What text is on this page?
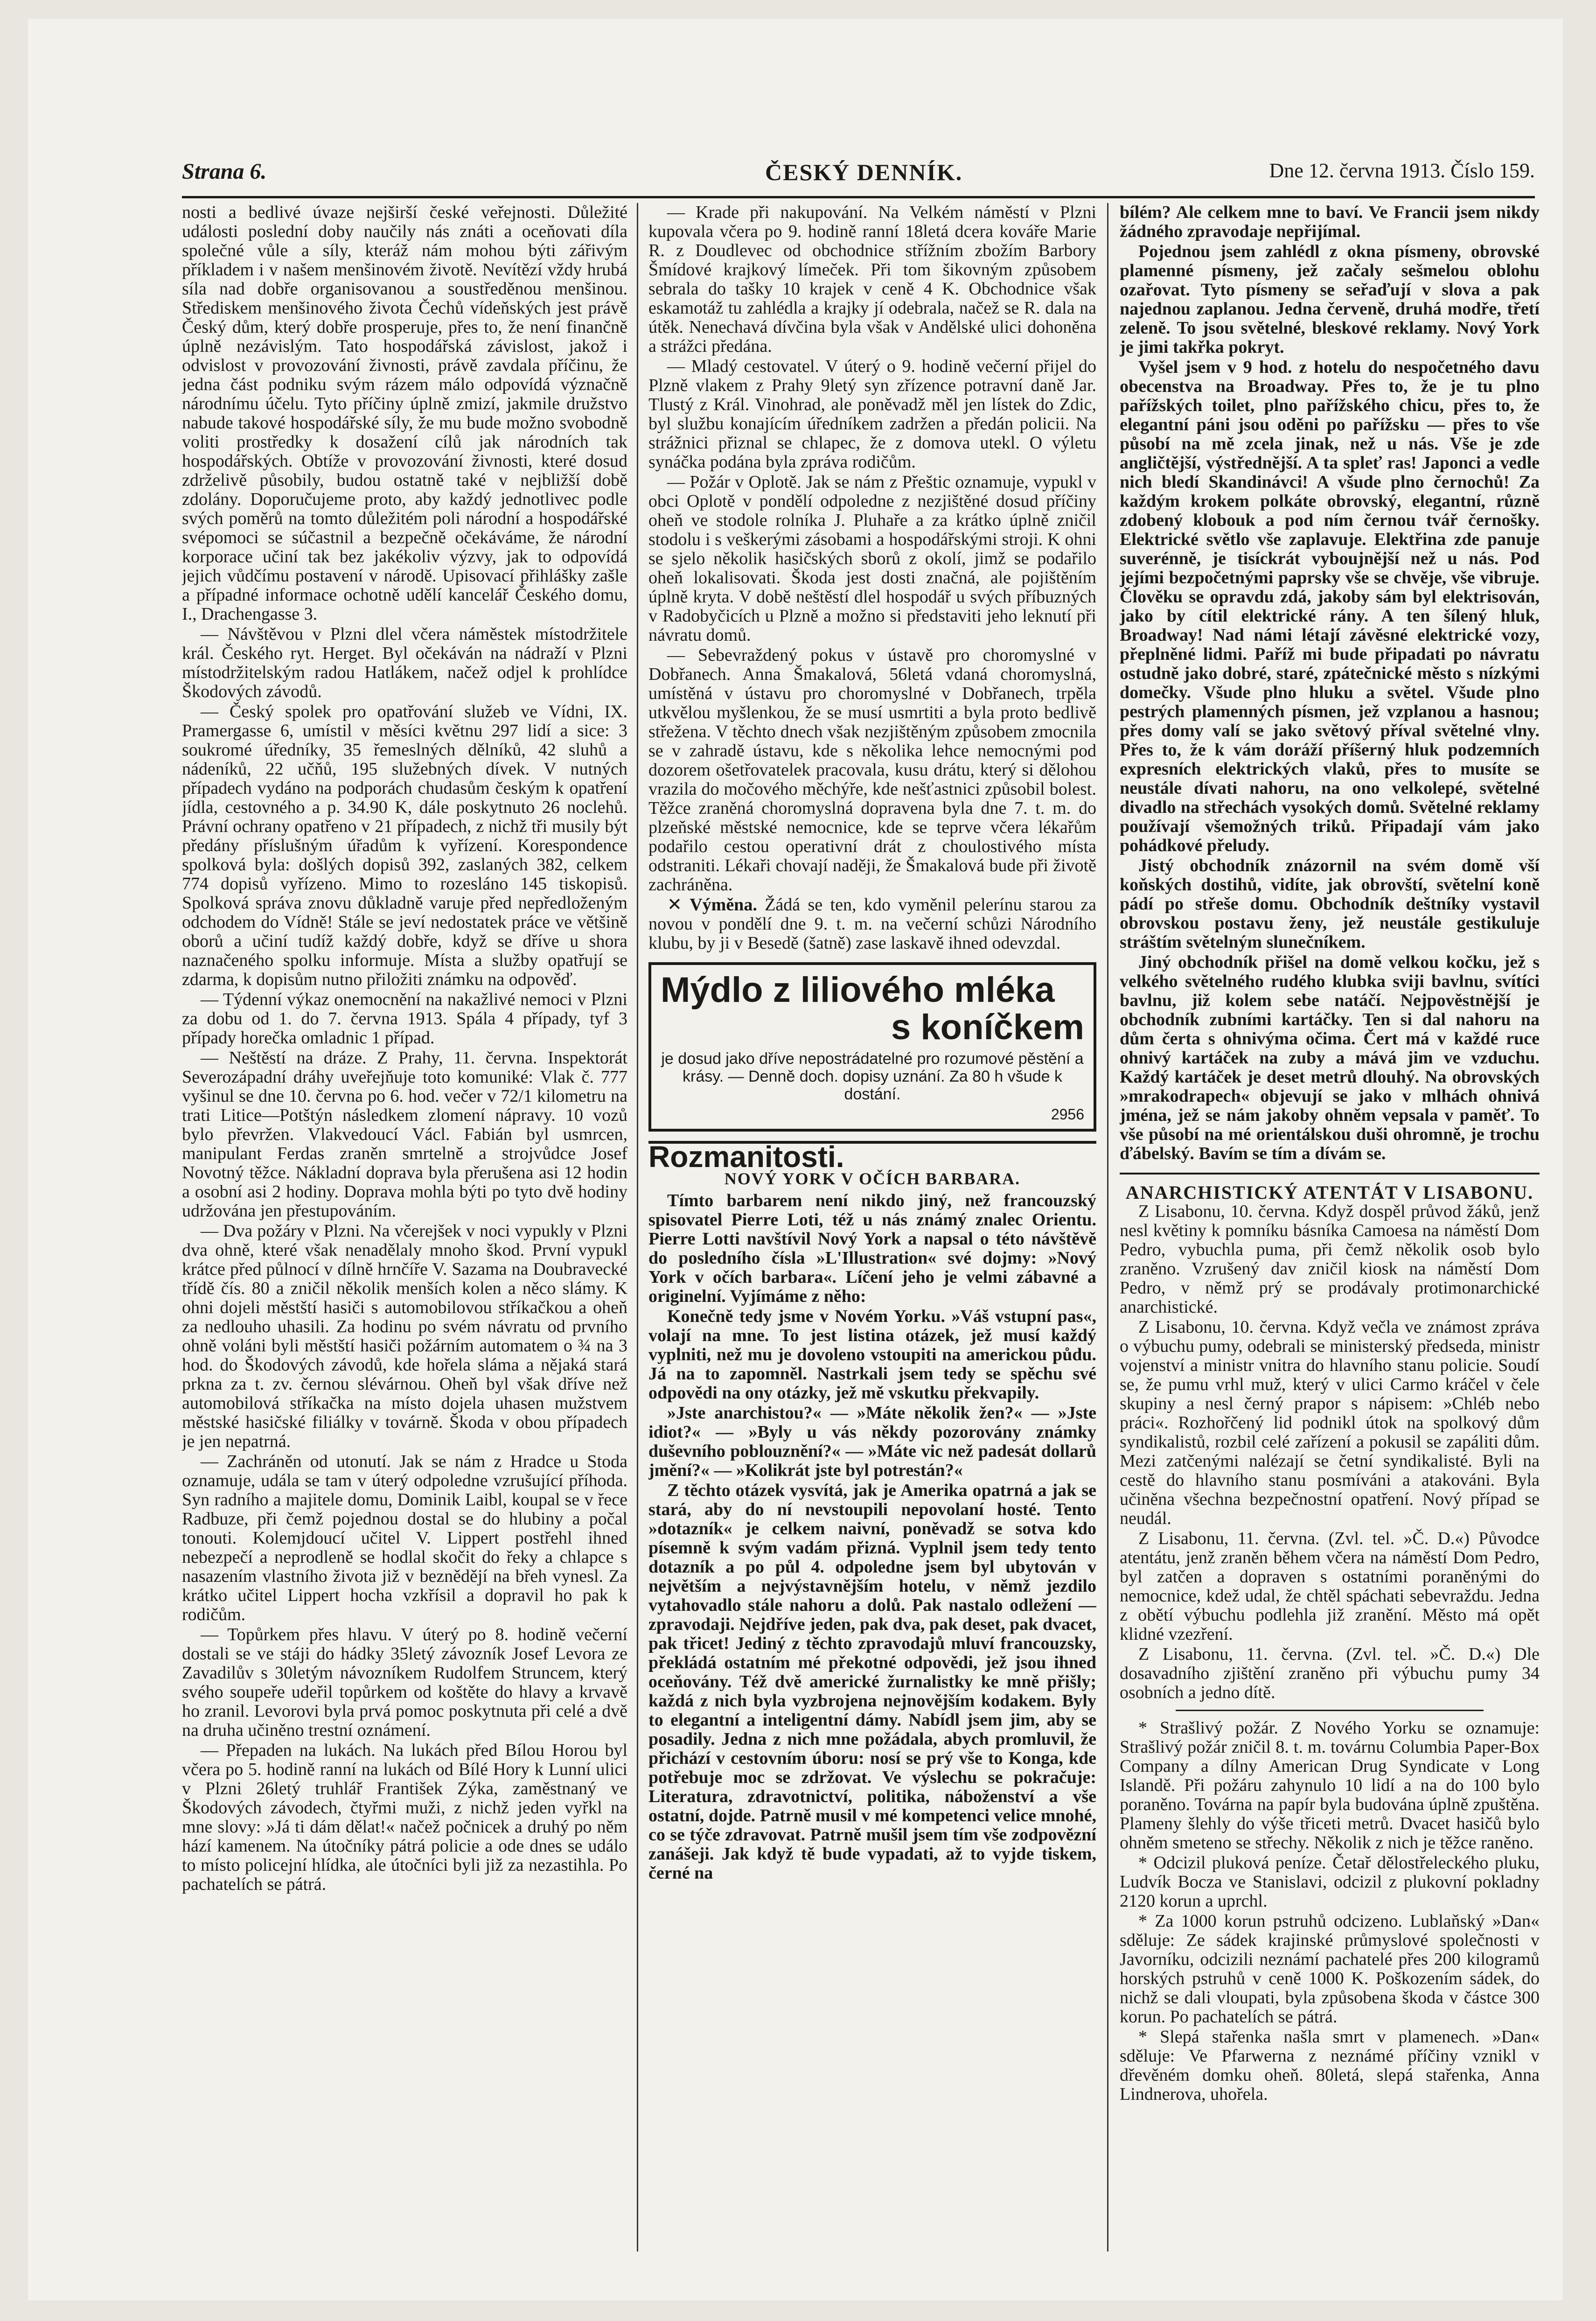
Strana 6.	ČESKÝ DENNÍK.	Dne 12. června 1913. Číslo 159.

nosti a bedlivé úvaze nejširší české veřejnosti. Důležité události poslední doby naučily nás znáti a oceňovati díla společné vůle a síly, kteráž nám mohou býti zářivým příkladem i v našem menšinovém životě. Nevítězí vždy hrubá síla nad dobře organisovanou a soustředěnou menšinou. Střediskem menšinového života Čechů vídeňských jest právě Český dům, který dobře prosperuje, přes to, že není finančně úplně nezávislým. Tato hospodářská závislost, jakož i odvislost v provozování živnosti, právě zavdala příčinu, že jedna část podniku svým rázem málo odpovídá význačně národnímu účelu. Tyto příčiny úplně zmizí, jakmile družstvo nabude takové hospodářské síly, že mu bude možno svobodně voliti prostředky k dosažení cílů jak národních tak hospodářských. Obtíže v provozování živnosti, které dosud zdrželivě působily, budou ostatně také v nejbližší době zdolány. Doporučujeme proto, aby každý jednotlivec podle svých poměrů na tomto důležitém poli národní a hospodářské svépomoci se súčastnil a bezpečně očekáváme, že národní korporace učiní tak bez jakékoliv výzvy, jak to odpovídá jejich vůdčímu postavení v národě. Upisovací přihlášky zašle a případné informace ochotně udělí kancelář Českého domu, I., Drachengasse 3.

— Návštěvou v Plzni dlel včera náměstek místodržitele král. Českého ryt. Herget. Byl očekáván na nádraží v Plzni místodržitelským radou Hatlákem, načež odjel k prohlídce Škodových závodů.

— Český spolek pro opatřování služeb ve Vídni, IX. Pramergasse 6, umístil v měsíci květnu 297 lidí a sice: 3 soukromé úředníky, 35 řemeslných dělníků, 42 sluhů a nádeníků, 22 učňů, 195 služebných dívek. V nutných případech vydáno na podporách chudasům českým k opatření jídla, cestovného a p. 34.90 K, dále poskytnuto 26 noclehů. Právní ochrany opatřeno v 21 případech, z nichž tři musily být předány příslušným úřadům k vyřízení. Korespondence spolková byla: došlých dopisů 392, zaslaných 382, celkem 774 dopisů vyřízeno. Mimo to rozesláno 145 tiskopisů. Spolková správa znovu důkladně varuje před nepředloženým odchodem do Vídně! Stále se jeví nedostatek práce ve většině oborů a učiní tudíž každý dobře, když se dříve u shora naznačeného spolku informuje. Místa a služby opatřují se zdarma, k dopisům nutno přiložiti známku na odpověď.

— Týdenní výkaz onemocnění na nakažlivé nemoci v Plzni za dobu od 1. do 7. června 1913. Spála 4 případy, tyf 3 případy horečka omladnic 1 případ.

— Neštěstí na dráze. Z Prahy, 11. června. Inspektorát Severozápadní dráhy uveřejňuje toto komuniké: Vlak č. 777 vyšinul se dne 10. června po 6. hod. večer v 72/1 kilometru na trati Litice—Potštýn následkem zlomení nápravy. 10 vozů bylo převržen. Vlakvedoucí Václ. Fabián byl usmrcen, manipulant Ferdas zraněn smrtelně a strojvůdce Josef Novotný těžce. Nákladní doprava byla přerušena asi 12 hodin a osobní asi 2 hodiny. Doprava mohla býti po tyto dvě hodiny udržována jen přestupováním.

— Dva požáry v Plzni. Na včerejšek v noci vypukly v Plzni dva ohně, které však nenadělaly mnoho škod. První vypukl krátce před půlnocí v dílně hrnčíře V. Sazama na Doubravecké třídě čís. 80 a zničil několik menších kolen a něco slámy. K ohni dojeli městští hasiči s automobilovou stříkačkou a oheň za nedlouho uhasili. Za hodinu po svém návratu od prvního ohně voláni byli městští hasiči požárním automatem o ¾ na 3 hod. do Škodových závodů, kde hořela sláma a nějaká stará prkna za t. zv. černou slévárnou. Oheň byl však dříve než automobilová stříkačka na místo dojela uhasen mužstvem městské hasičské filiálky v továrně. Škoda v obou případech je jen nepatrná.

— Zachráněn od utonutí. Jak se nám z Hradce u Stoda oznamuje, udála se tam v úterý odpoledne vzrušující příhoda. Syn radního a majitele domu, Dominik Laibl, koupal se v řece Radbuze, při čemž pojednou dostal se do hlubiny a počal tonouti. Kolemjdoucí učitel V. Lippert postřehl ihned nebezpečí a neprodleně se hodlal skočit do řeky a chlapce s nasazením vlastního života již v beznědějí na břeh vynesl. Za krátko učitel Lippert hocha vzkřísil a dopravil ho pak k rodičům.

— Topůrkem přes hlavu. V úterý po 8. hodině večerní dostali se ve stáji do hádky 35letý závozník Josef Levora ze Zavadilův s 30letým návozníkem Rudolfem Struncem, který svého soupeře udeřil topůrkem od koštěte do hlavy a krvavě ho zranil. Levorovi byla prvá pomoc poskytnuta při celé a dvě na druha učiněno trestní oznámení.

— Přepaden na lukách. Na lukách před Bílou Horou byl včera po 5. hodině ranní na lukách od Bílé Hory k Lunní ulici v Plzni 26letý truhlář František Zýka, zaměstnaný ve Škodových závodech, čtyřmi muži, z nichž jeden vyřkl na mne slovy: »Já ti dám dělat!« načež počnicek a druhý po něm hází kamenem. Na útočníky pátrá policie a ode dnes se událo to místo policejní hlídka, ale útočníci byli již za nezastihla. Po pachatelích se pátrá.

— Krade při nakupování. Na Velkém náměstí v Plzni kupovala včera po 9. hodině ranní 18letá dcera kováře Marie R. z Doudlevec od obchodnice střížním zbožím Barbory Šmídové krajkový límeček. Při tom šikovným způsobem sebrala do tašky 10 krajek v ceně 4 K. Obchodnice však eskamotáž tu zahlédla a krajky jí odebrala, načež se R. dala na útěk. Nenechavá dívčina byla však v Andělské ulici dohoněna a strážci předána.

— Mladý cestovatel. V úterý o 9. hodině večerní přijel do Plzně vlakem z Prahy 9letý syn zřízence potravní daně Jar. Tlustý z Král. Vinohrad, ale poněvadž měl jen lístek do Zdic, byl službu konajícím úředníkem zadržen a předán policii. Na strážnici přiznal se chlapec, že z domova utekl. O výletu synáčka podána byla zpráva rodičům.

— Požár v Oplotě. Jak se nám z Přeštic oznamuje, vypukl v obci Oplotě v pondělí odpoledne z nezjištěné dosud příčiny oheň ve stodole rolníka J. Pluhaře a za krátko úplně zničil stodolu i s veškerými zásobami a hospodářskými stroji. K ohni se sjelo několik hasičských sborů z okolí, jimž se podařilo oheň lokalisovati. Škoda jest dosti značná, ale pojištěním úplně kryta. V době neštěstí dlel hospodář u svých příbuzných v Radobyčicích u Plzně a možno si představiti jeho leknutí při návratu domů.

— Sebevraždený pokus v ústavě pro choromyslné v Dobřanech. Anna Šmakalová, 56letá vdaná choromyslná, umístěná v ústavu pro choromyslné v Dobřanech, trpěla utkvělou myšlenkou, že se musí usmrtiti a byla proto bedlivě střežena. V těchto dnech však nezjištěným způsobem zmocnila se v zahradě ústavu, kde s několika lehce nemocnými pod dozorem ošetřovatelek pracovala, kusu drátu, který si dělohou vrazila do močového měchýře, kde nešťastnici způsobil bolest. Těžce zraněná choromyslná dopravena byla dne 7. t. m. do plzeňské městské nemocnice, kde se teprve včera lékařům podařilo cestou operativní drát z choulostivého místa odstraniti. Lékaři chovají naději, že Šmakalová bude při životě zachráněna.

✕ Výměna. Žádá se ten, kdo vyměnil pelerínu starou za novou v pondělí dne 9. t. m. na večerní schůzi Národního klubu, by ji v Besedě (šatně) zase laskavě ihned odevzdal.

Mýdlo z liliového mléka
s koníčkem
je dosud jako dříve nepostrádatelné pro rozumové pěstění a krásy. — Denně doch. dopisy uznání. Za 80 h všude k dostání.
2956
Rozmanitosti.
NOVÝ YORK V OČÍCH BARBARA.

Tímto barbarem není nikdo jiný, než francouzský spisovatel Pierre Loti, též u nás známý znalec Orientu. Pierre Lotti navštívil Nový York a napsal o této návštěvě do posledního čísla »L'Illustration« své dojmy: »Nový York v očích barbara«. Líčení jeho je velmi zábavné a originelní. Vyjímáme z něho:

Konečně tedy jsme v Novém Yorku. »Váš vstupní pas«, volají na mne. To jest listina otázek, jež musí každý vyplniti, než mu je dovoleno vstoupiti na americkou půdu. Já na to zapomněl. Nastrkali jsem tedy se spěchu své odpovědi na ony otázky, jež mě vskutku překvapily.

»Jste anarchistou?« — »Máte několik žen?« — »Jste idiot?« — »Byly u vás někdy pozorovány známky duševního poblouznění?« — »Máte vic než padesát dollarů jmění?« — »Kolikrát jste byl potrestán?«

Z těchto otázek vysvítá, jak je Amerika opatrná a jak se stará, aby do ní nevstoupili nepovolaní hosté. Tento »dotazník« je celkem naivní, poněvadž se sotva kdo písemně k svým vadám přizná. Vyplnil jsem tedy tento dotazník a po půl 4. odpoledne jsem byl ubytován v největším a nejvýstavnějším hotelu, v němž jezdilo vytahovadlo stále nahoru a dolů. Pak nastalo odležení — zpravodaji. Nejdříve jeden, pak dva, pak deset, pak dvacet, pak třicet! Jediný z těchto zpravodajů mluví francouzsky, překládá ostatním mé překotné odpovědi, jež jsou ihned oceňovány. Též dvě americké žurnalistky ke mně přišly; každá z nich byla vyzbrojena nejnovějším kodakem. Byly to elegantní a inteligentní dámy. Nabídl jsem jim, aby se posadily. Jedna z nich mne požádala, abych promluvil, že přichází v cestovním úboru: nosí se prý vše to Konga, kde potřebuje moc se zdržovat. Ve výslechu se pokračuje: Literatura, zdravotnictví, politika, náboženství a vše ostatní, dojde. Patrně musil v mé kompetenci velice mnohé, co se týče zdravovat. Patrně mušil jsem tím vše zodpovězní zanášeji. Jak když tě bude vypadati, až to vyjde tiskem, černé na

bílém? Ale celkem mne to baví. Ve Francii jsem nikdy žádného zpravodaje nepřijímal.

Pojednou jsem zahlédl z okna písmeny, obrovské plamenné písmeny, jež začaly sešmelou oblohu ozařovat. Tyto písmeny se seřaďují v slova a pak najednou zaplanou. Jedna červeně, druhá modře, třetí zeleně. To jsou světelné, bleskové reklamy. Nový York je jimi takřka pokryt.

Vyšel jsem v 9 hod. z hotelu do nespočetného davu obecenstva na Broadway. Přes to, že je tu plno pařížských toilet, plno pařížského chicu, přes to, že elegantní páni jsou oděni po pařížsku — přes to vše působí na mě zcela jinak, než u nás. Vše je zde angličtější, výstřednější. A ta spleť ras! Japonci a vedle nich bledí Skandinávci! A všude plno černochů! Za každým krokem polkáte obrovský, elegantní, různě zdobený klobouk a pod ním černou tvář černošky. Elektrické světlo vše zaplavuje. Elektřina zde panuje suverénně, je tisíckrát vyboujnější než u nás. Pod jejími bezpočetnými paprsky vše se chvěje, vše vibruje. Člověku se opravdu zdá, jakoby sám byl elektrisován, jako by cítil elektrické rány. A ten šílený hluk, Broadway! Nad námi létají závěsné elektrické vozy, přeplněné lidmi. Paříž mi bude připadati po návratu ostudně jako dobré, staré, zpátečnické město s nízkými domečky. Všude plno hluku a světel. Všude plno pestrých plamenných písmen, jež vzplanou a hasnou; přes domy valí se jako světový příval světelné vlny. Přes to, že k vám doráží příšerný hluk podzemních expresních elektrických vlaků, přes to musíte se neustále dívati nahoru, na ono velkolepé, světelné divadlo na střechách vysokých domů. Světelné reklamy používají všemožných triků. Připadají vám jako pohádkové přeludy.

Jistý obchodník znázornil na svém domě vší koňských dostihů, vidíte, jak obrovští, světelní koně pádí po střeše domu. Obchodník deštníky vystavil obrovskou postavu ženy, jež neustále gestikuluje stráštím světelným slunečníkem.

Jiný obchodník přišel na domě velkou kočku, jež s velkého světelného rudého klubka sviji bavlnu, svítíci bavlnu, již kolem sebe natáčí. Nejpověstnější je obchodník zubními kartáčky. Ten si dal nahoru na dům čerta s ohnivýma očima. Čert má v každé ruce ohnivý kartáček na zuby a mává jim ve vzduchu. Každý kartáček je deset metrů dlouhý. Na obrovských »mrakodrapech« objevují se jako v mlhách ohnivá jména, jež se nám jakoby ohněm vepsala v paměť. To vše působí na mé orientálskou duši ohromně, je trochu ďábelský. Bavím se tím a dívám se.

ANARCHISTICKÝ ATENTÁT V LISABONU.

Z Lisabonu, 10. června. Když dospěl průvod žáků, jenž nesl květiny k pomníku básníka Camoesa na náměstí Dom Pedro, vybuchla puma, při čemž několik osob bylo zraněno. Vzrušený dav zničil kiosk na náměstí Dom Pedro, v němž prý se prodávaly protimonarchické anarchistické.

Z Lisabonu, 10. června. Když večla ve známost zpráva o výbuchu pumy, odebrali se ministerský předseda, ministr vojenství a ministr vnitra do hlavního stanu policie. Soudí se, že pumu vrhl muž, který v ulici Carmo kráčel v čele skupiny a nesl černý prapor s nápisem: »Chléb nebo práci«. Rozhořčený lid podnikl útok na spolkový dům syndikalistů, rozbil celé zařízení a pokusil se zapáliti dům. Mezi zatčenými nalézají se četní syndikalisté. Byli na cestě do hlavního stanu posmíváni a atakováni. Byla učiněna všechna bezpečnostní opatření. Nový případ se neudál.

Z Lisabonu, 11. června. (Zvl. tel. »Č. D.«) Původce atentátu, jenž zraněn během včera na náměstí Dom Pedro, byl zatčen a dopraven s ostatními poraněnými do nemocnice, kdež udal, že chtěl spáchati sebevraždu. Jedna z obětí výbuchu podlehla již zranění. Město má opět klidné vzezření.

Z Lisabonu, 11. června. (Zvl. tel. »Č. D.«) Dle dosavadního zjištění zraněno při výbuchu pumy 34 osobních a jedno dítě.

* Strašlivý požár. Z Nového Yorku se oznamuje: Strašlivý požár zničil 8. t. m. továrnu Columbia Paper-Box Company a dílny American Drug Syndicate v Long Islandě. Při požáru zahynulo 10 lidí a na do 100 bylo poraněno. Továrna na papír byla budována úplně zpuštěna. Plameny šlehly do výše třiceti metrů. Dvacet hasičů bylo ohněm smeteno se střechy. Několik z nich je těžce raněno.

* Odcizil pluková peníze. Četař dělostřeleckého pluku, Ludvík Bocza ve Stanislavi, odcizil z plukovní pokladny 2120 korun a uprchl.

* Za 1000 korun pstruhů odcizeno. Lublaňský »Dan« sděluje: Ze sádek krajinské průmyslové společnosti v Javorníku, odcizili neznámí pachatelé přes 200 kilogramů horských pstruhů v ceně 1000 K. Poškozením sádek, do nichž se dali vloupati, byla způsobena škoda v částce 300 korun. Po pachatelích se pátrá.

* Slepá stařenka našla smrt v plamenech. »Dan« sděluje: Ve Pfarwerna z neznámé příčiny vznikl v dřevěném domku oheň. 80letá, slepá stařenka, Anna Lindnerova, uhořela.
